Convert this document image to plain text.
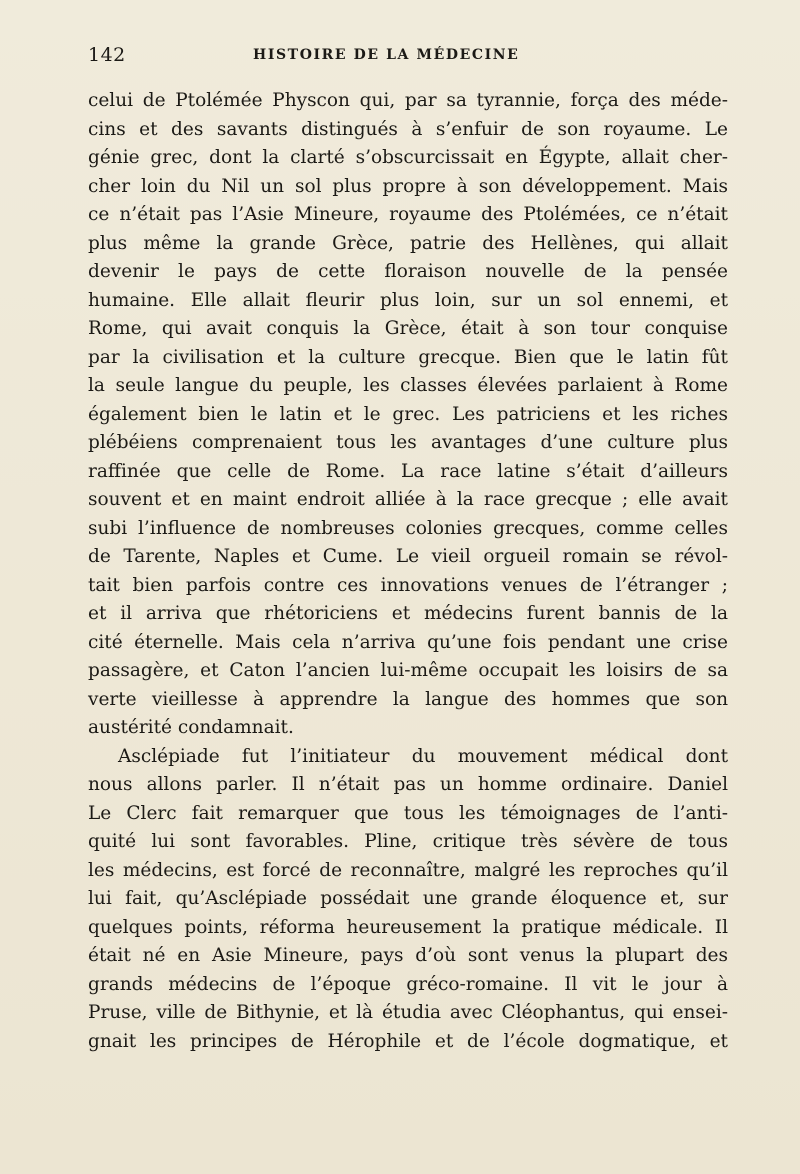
142	HISTOIRE DE LA MÉDECINE
celui de Ptolémée Physcon qui, par sa tyrannie, força des méde-
cins et des savants distingués à s’enfuir de son royaume. Le
génie grec, dont la clarté s’obscurcissait en Égypte, allait cher-
cher loin du Nil un sol plus propre à son développement. Mais
ce n’était pas l’Asie Mineure, royaume des Ptolémées, ce n’était
plus même la grande Grèce, patrie des Hellènes, qui allait
devenir le pays de cette floraison nouvelle de la pensée
humaine. Elle allait fleurir plus loin, sur un sol ennemi, et
Rome, qui avait conquis la Grèce, était à son tour conquise
par la civilisation et la culture grecque. Bien que le latin fût
la seule langue du peuple, les classes élevées parlaient à Rome
également bien le latin et le grec. Les patriciens et les riches
plébéiens comprenaient tous les avantages d’une culture plus
raffinée que celle de Rome. La race latine s’était d’ailleurs
souvent et en maint endroit alliée à la race grecque ; elle avait
subi l’influence de nombreuses colonies grecques, comme celles
de Tarente, Naples et Cume. Le vieil orgueil romain se révol-
tait bien parfois contre ces innovations venues de l’étranger ;
et il arriva que rhétoriciens et médecins furent bannis de la
cité éternelle. Mais cela n’arriva qu’une fois pendant une crise
passagère, et Caton l’ancien lui-même occupait les loisirs de sa
verte vieillesse à apprendre la langue des hommes que son
austérité condamnait.
Asclépiade fut l’initiateur du mouvement médical dont
nous allons parler. Il n’était pas un homme ordinaire. Daniel
Le Clerc fait remarquer que tous les témoignages de l’anti-
quité lui sont favorables. Pline, critique très sévère de tous
les médecins, est forcé de reconnaître, malgré les reproches qu’il
lui fait, qu’Asclépiade possédait une grande éloquence et, sur
quelques points, réforma heureusement la pratique médicale. Il
était né en Asie Mineure, pays d’où sont venus la plupart des
grands médecins de l’époque gréco-romaine. Il vit le jour à
Pruse, ville de Bithynie, et là étudia avec Cléophantus, qui ensei-
gnait les principes de Hérophile et de l’école dogmatique, et
